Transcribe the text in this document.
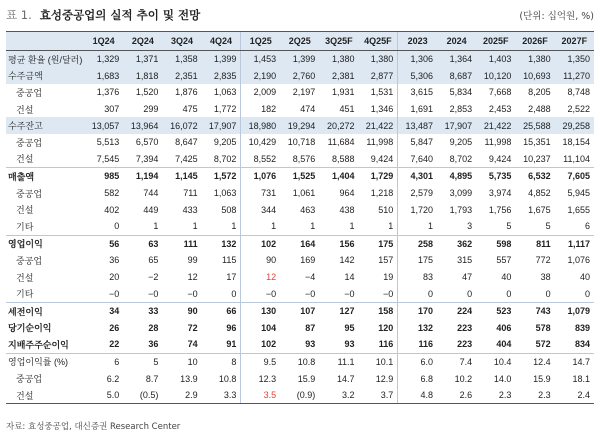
표 1. 효성중공업의 실적 추이 및 전망	(단위: 십억원, %)
	1Q24	2Q24	3Q24	4Q24	1Q25	2Q25	3Q25F	4Q25F	2023	2024	2025F	2026F	2027F
평균 환율 (원/달러)	1,329	1,371	1,358	1,399	1,453	1,399	1,380	1,380	1,306	1,364	1,403	1,380	1,350
수주금액	1,683	1,818	2,351	2,835	2,190	2,760	2,381	2,877	5,306	8,687	10,120	10,693	11,270
중공업	1,376	1,520	1,876	1,063	2,009	2,197	1,931	1,531	3,615	5,834	7,668	8,205	8,748
건설	307	299	475	1,772	182	474	451	1,346	1,691	2,853	2,453	2,488	2,522
수주잔고	13,057	13,964	16,072	17,907	18,980	19,294	20,272	21,422	13,487	17,907	21,422	25,588	29,258
중공업	5,513	6,570	8,647	9,205	10,429	10,718	11,684	11,998	5,847	9,205	11,998	15,351	18,154
건설	7,545	7,394	7,425	8,702	8,552	8,576	8,588	9,424	7,640	8,702	9,424	10,237	11,104
매출액	985	1,194	1,145	1,572	1,076	1,525	1,404	1,729	4,301	4,895	5,735	6,532	7,605
중공업	582	744	711	1,063	731	1,061	964	1,218	2,579	3,099	3,974	4,852	5,945
건설	402	449	433	508	344	463	438	510	1,720	1,793	1,756	1,675	1,655
기타	0	1	1	1	1	1	1	1	1	3	5	5	6
영업이익	56	63	111	132	102	164	156	175	258	362	598	811	1,117
중공업	36	65	99	115	90	169	142	157	175	315	557	772	1,076
건설	20	−2	12	17	12	−4	14	19	83	47	40	38	40
기타	−0	−0	−0	0	−0	−0	−0	−0	0	0	0	0	0
세전이익	34	33	90	66	130	107	127	158	170	224	523	743	1,079
당기순이익	26	28	72	96	104	87	95	120	132	223	406	578	839
지배주주순이익	22	36	74	91	102	93	93	116	116	223	404	572	834
영업이익률 (%)	6	5	10	8	9.5	10.8	11.1	10.1	6.0	7.4	10.4	12.4	14.7
중공업	6.2	8.7	13.9	10.8	12.3	15.9	14.7	12.9	6.8	10.2	14.0	15.9	18.1
건설	5.0	(0.5)	2.9	3.3	3.5	(0.9)	3.2	3.7	4.8	2.6	2.3	2.3	2.4
자료: 효성중공업, 대신증권 Research Center
